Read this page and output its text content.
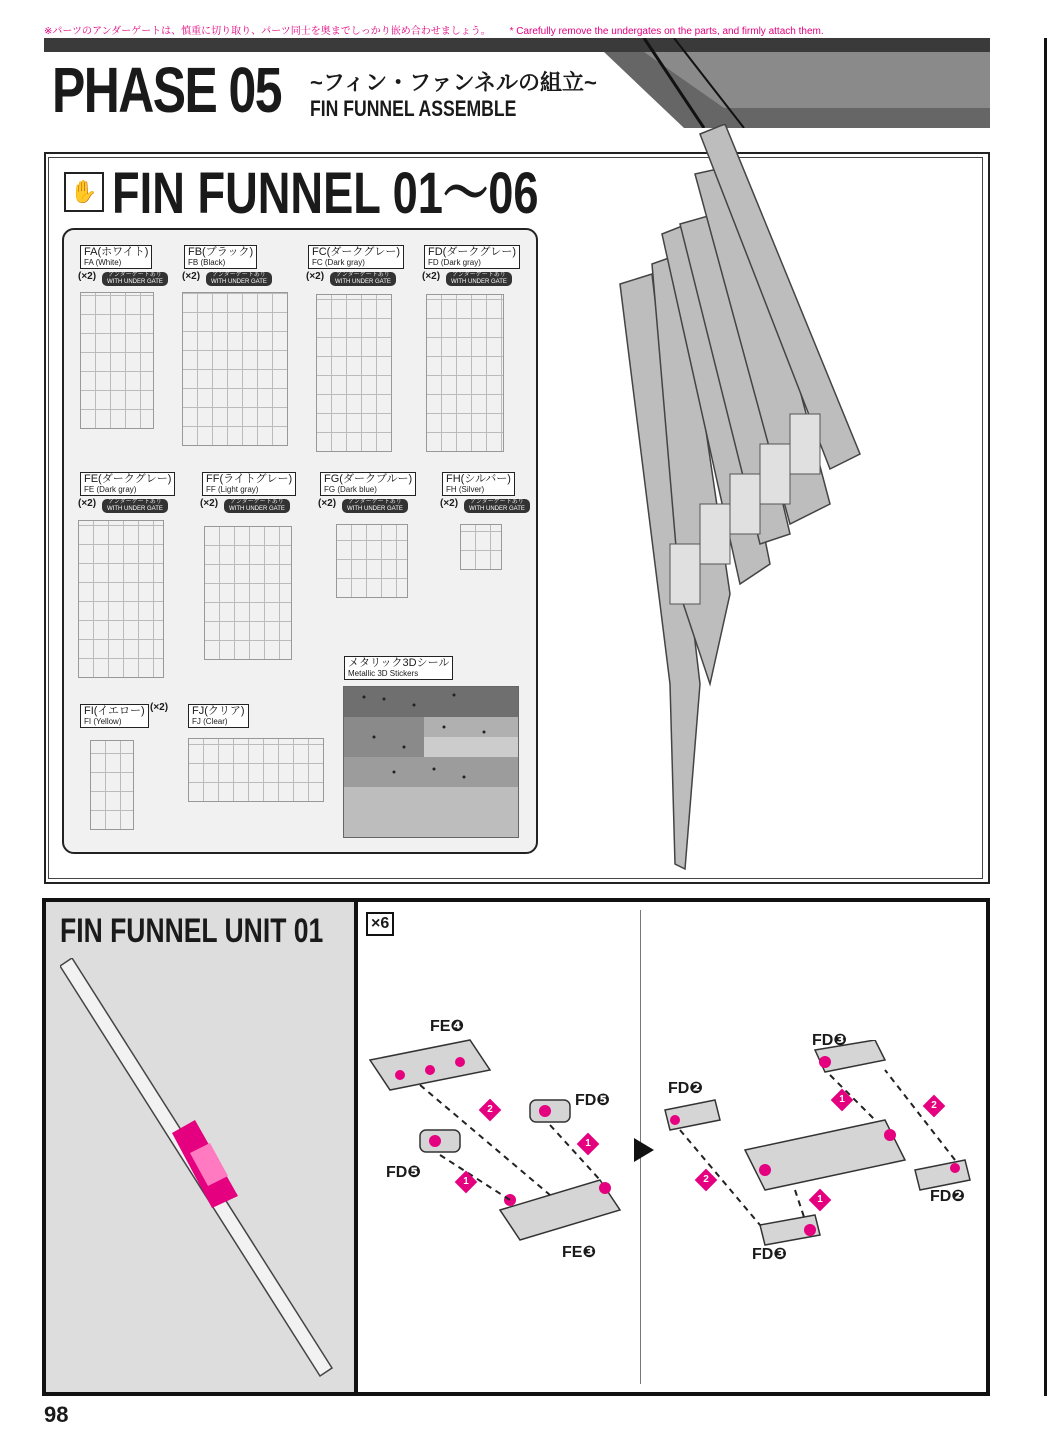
※パーツのアンダーゲートは、慎重に切り取り、パーツ同士を奥までしっかり嵌め合わせましょう。 * Carefully remove the undergates on the parts, and firmly attach them.
PHASE 05 ~フィン・ファンネルの組立~
FIN FUNNEL ASSEMBLE
✋ FIN FUNNEL 01〜06
FA(ホワイト)
FA (White)
(×2)	アンダーゲートあり
WITH UNDER GATE
FB(ブラック)
FB (Black)
(×2)	アンダーゲートあり
WITH UNDER GATE
FC(ダークグレー)
FC (Dark gray)
(×2)	アンダーゲートあり
WITH UNDER GATE
FD(ダークグレー)
FD (Dark gray)
(×2)	アンダーゲートあり
WITH UNDER GATE
FE(ダークグレー)
FE (Dark gray)
(×2)	アンダーゲートあり
WITH UNDER GATE
FF(ライトグレー)
FF (Light gray)
(×2)	アンダーゲートあり
WITH UNDER GATE
FG(ダークブルー)
FG (Dark blue)
(×2)	アンダーゲートあり
WITH UNDER GATE
FH(シルバー)
FH (Silver)
(×2)	アンダーゲートあり
WITH UNDER GATE
FI(イエロー)
FI (Yellow)
(×2)	FJ(クリア)
FJ (Clear)
メタリック3Dシール
Metallic 3D Stickers
FIN FUNNEL UNIT 01	×6
FE❹
FD❺
FD❺
FE❸
1
1
2
FD❸
FD❷
FD❷
FD❸
1
1
2
2
98
